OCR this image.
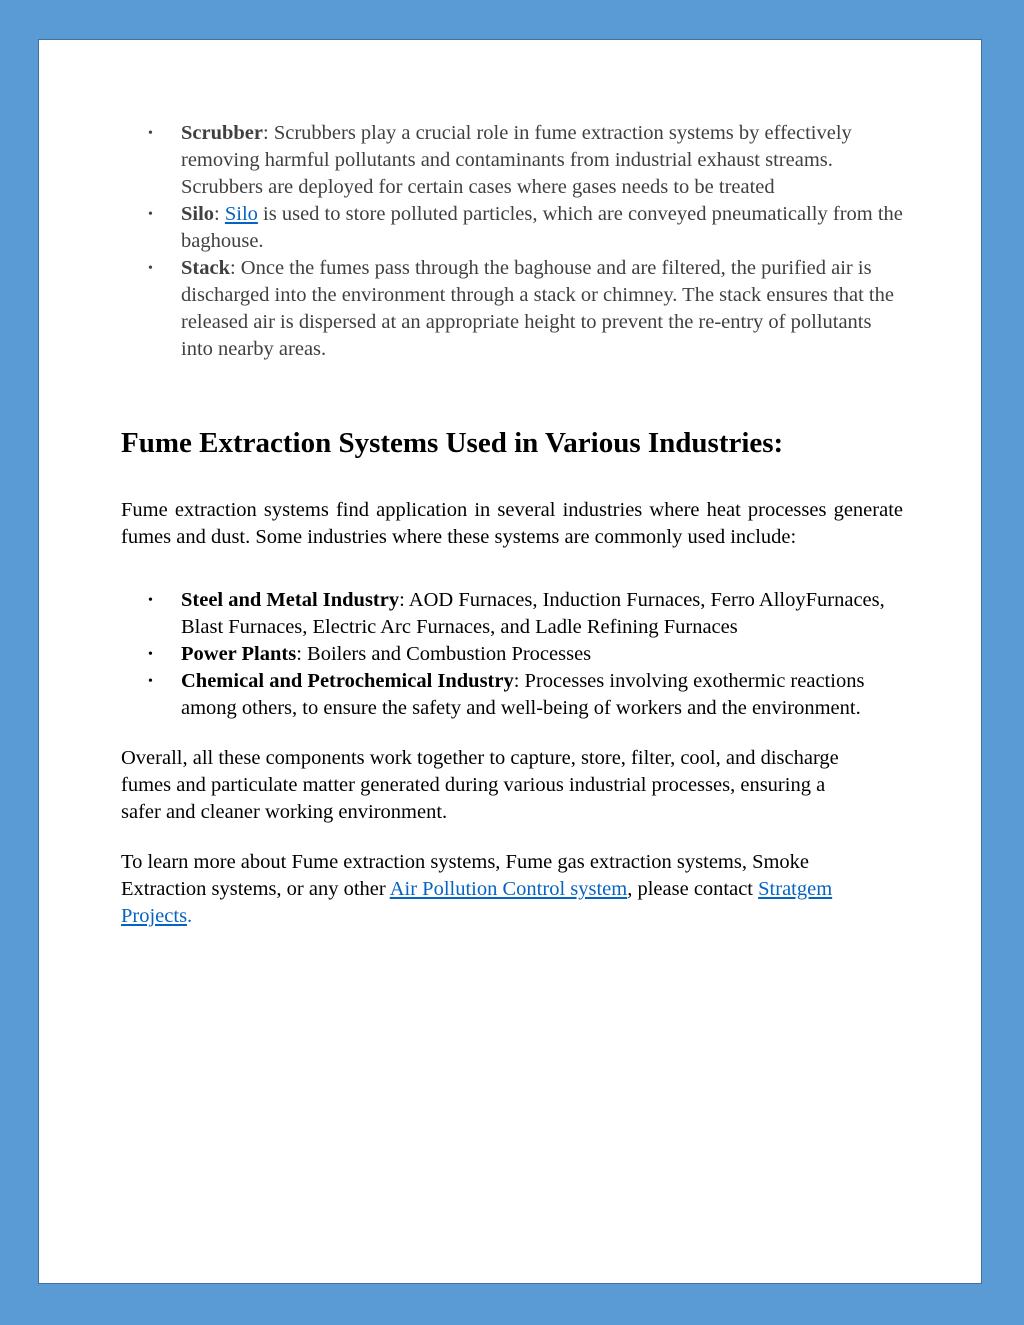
• Scrubber: Scrubbers play a crucial role in fume extraction systems by effectively removing harmful pollutants and contaminants from industrial exhaust streams. Scrubbers are deployed for certain cases where gases needs to be treated
• Silo: Silo is used to store polluted particles, which are conveyed pneumatically from the baghouse.
• Stack: Once the fumes pass through the baghouse and are filtered, the purified air is discharged into the environment through a stack or chimney. The stack ensures that the released air is dispersed at an appropriate height to prevent the re-entry of pollutants into nearby areas.
Fume Extraction Systems Used in Various Industries:

Fume extraction systems find application in several industries where heat processes generate fumes and dust. Some industries where these systems are commonly used include:

• Steel and Metal Industry: AOD Furnaces, Induction Furnaces, Ferro AlloyFurnaces, Blast Furnaces, Electric Arc Furnaces, and Ladle Refining Furnaces
• Power Plants: Boilers and Combustion Processes
• Chemical and Petrochemical Industry: Processes involving exothermic reactions among others, to ensure the safety and well-being of workers and the environment.

Overall, all these components work together to capture, store, filter, cool, and discharge fumes and particulate matter generated during various industrial processes, ensuring a safer and cleaner working environment.

To learn more about Fume extraction systems, Fume gas extraction systems, Smoke Extraction systems, or any other Air Pollution Control system, please contact Stratgem Projects.
